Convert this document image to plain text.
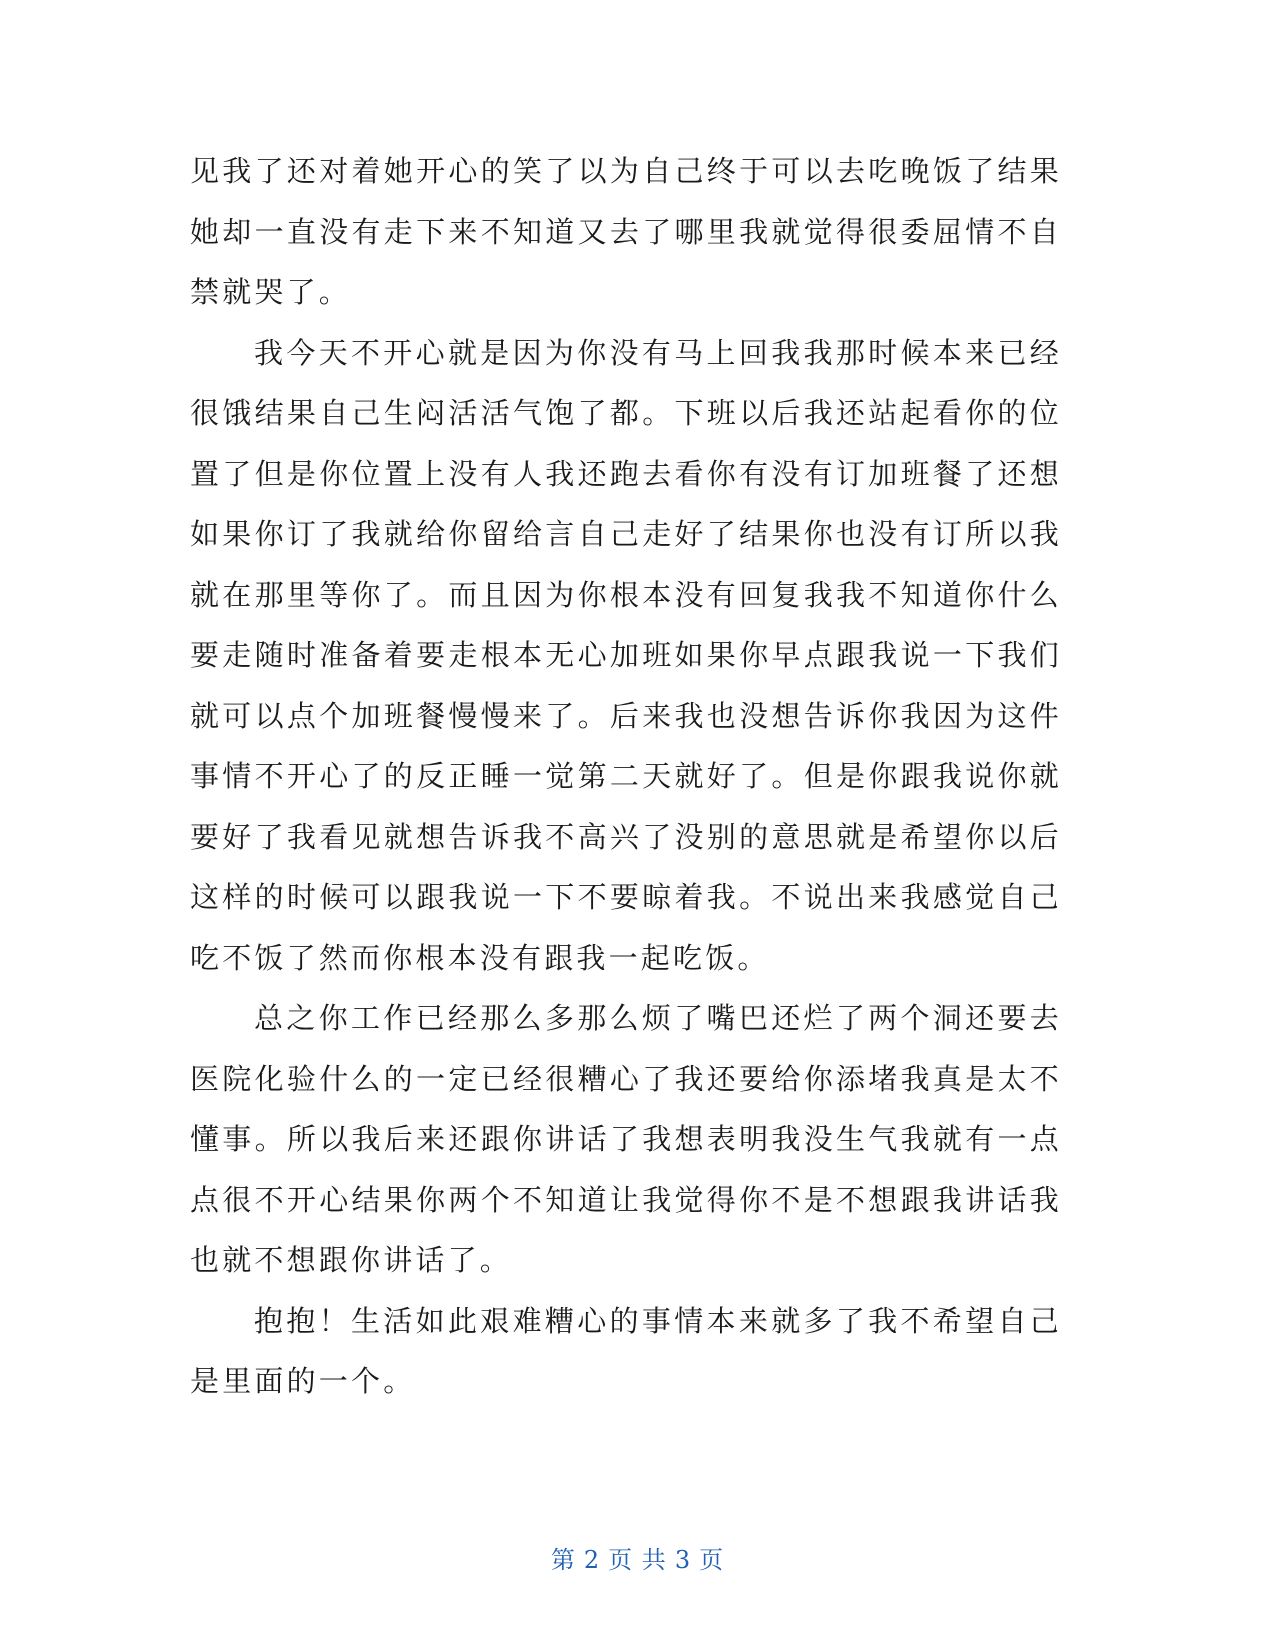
见我了还对着她开心的笑了以为自己终于可以去吃晚饭了结果她却一直没有走下来不知道又去了哪里我就觉得很委屈情不自禁就哭了。

我今天不开心就是因为你没有马上回我我那时候本来已经很饿结果自己生闷活活气饱了都。下班以后我还站起看你的位置了但是你位置上没有人我还跑去看你有没有订加班餐了还想如果你订了我就给你留给言自己走好了结果你也没有订所以我就在那里等你了。而且因为你根本没有回复我我不知道你什么要走随时准备着要走根本无心加班如果你早点跟我说一下我们就可以点个加班餐慢慢来了。后来我也没想告诉你我因为这件事情不开心了的反正睡一觉第二天就好了。但是你跟我说你就要好了我看见就想告诉我不高兴了没别的意思就是希望你以后这样的时候可以跟我说一下不要晾着我。不说出来我感觉自己吃不饭了然而你根本没有跟我一起吃饭。

总之你工作已经那么多那么烦了嘴巴还烂了两个洞还要去医院化验什么的一定已经很糟心了我还要给你添堵我真是太不懂事。所以我后来还跟你讲话了我想表明我没生气我就有一点点很不开心结果你两个不知道让我觉得你不是不想跟我讲话我也就不想跟你讲话了。

抱抱！生活如此艰难糟心的事情本来就多了我不希望自己是里面的一个。

第 2 页 共 3 页
